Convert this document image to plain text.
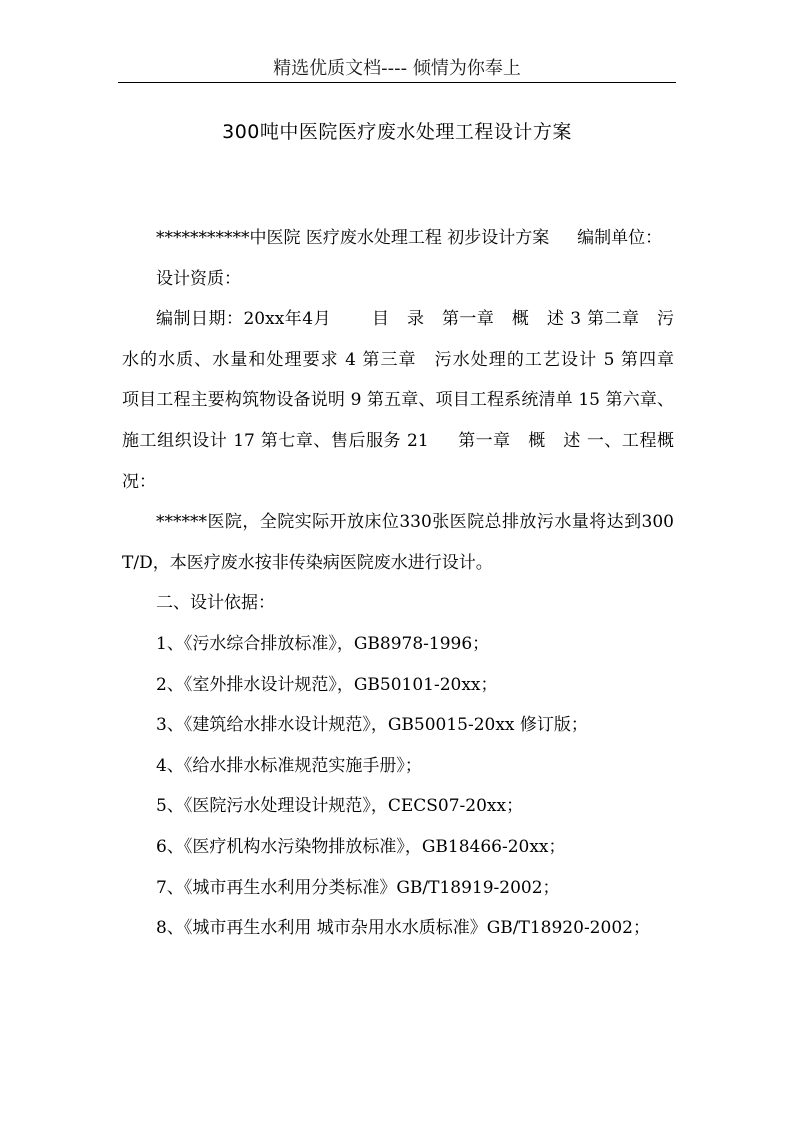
精选优质文档---- 倾情为你奉上
300吨中医院医疗废水处理工程设计方案

***********中医院 医疗废水处理工程 初步设计方案 　 编制单位：

设计资质：

编制日期：20xx年4月 　　目　录　第一章　概　述 3 第二章　污水的水质、水量和处理要求 4 第三章　污水处理的工艺设计 5 第四章　项目工程主要构筑物设备说明 9 第五章、项目工程系统清单 15 第六章、施工组织设计 17 第七章、售后服务 21 　 第一章　概　述 一、工程概况：

******医院，全院实际开放床位330张医院总排放污水量将达到300T/D，本医疗废水按非传染病医院废水进行设计。

二、设计依据：

1、《污水综合排放标准》，GB8978-1996；

2、《室外排水设计规范》，GB50101-20xx；

3、《建筑给水排水设计规范》，GB50015-20xx 修订版；

4、《给水排水标准规范实施手册》；

5、《医院污水处理设计规范》，CECS07-20xx；

6、《医疗机构水污染物排放标准》，GB18466-20xx；

7、《城市再生水利用分类标准》GB/T18919-2002；

8、《城市再生水利用 城市杂用水水质标准》GB/T18920-2002；
